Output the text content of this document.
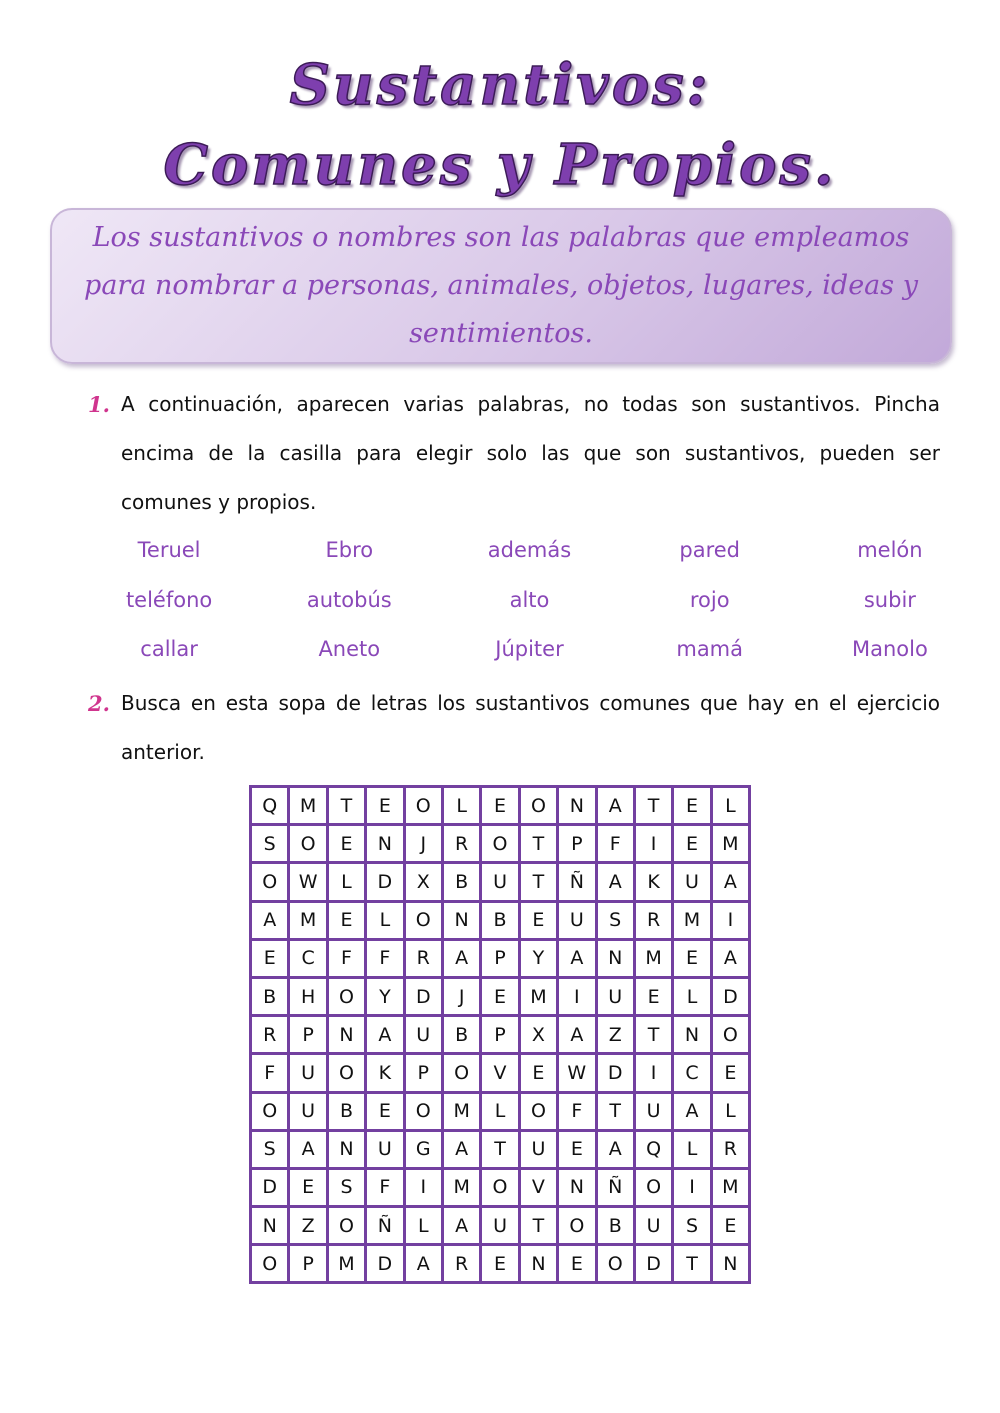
Sustantivos:
Comunes y Propios.
Los sustantivos o nombres son las palabras que empleamos para nombrar a personas, animales, objetos, lugares, ideas y sentimientos.
1. A continuación, aparecen varias palabras, no todas son sustantivos. Pincha encima de la casilla para elegir solo las que son sustantivos, pueden ser comunes y propios.
Teruel	Ebro	además	pared	melón
teléfono	autobús	alto	rojo	subir
callar	Aneto	Júpiter	mamá	Manolo
2. Busca en esta sopa de letras los sustantivos comunes que hay en el ejercicio anterior.
Q	M	T	E	O	L	E	O	N	A	T	E	L
S	O	E	N	J	R	O	T	P	F	I	E	M
O	W	L	D	X	B	U	T	Ñ	A	K	U	A
A	M	E	L	O	N	B	E	U	S	R	M	I
E	C	F	F	R	A	P	Y	A	N	M	E	A
B	H	O	Y	D	J	E	M	I	U	E	L	D
R	P	N	A	U	B	P	X	A	Z	T	N	O
F	U	O	K	P	O	V	E	W	D	I	C	E
O	U	B	E	O	M	L	O	F	T	U	A	L
S	A	N	U	G	A	T	U	E	A	Q	L	R
D	E	S	F	I	M	O	V	N	Ñ	O	I	M
N	Z	O	Ñ	L	A	U	T	O	B	U	S	E
O	P	M	D	A	R	E	N	E	O	D	T	N
